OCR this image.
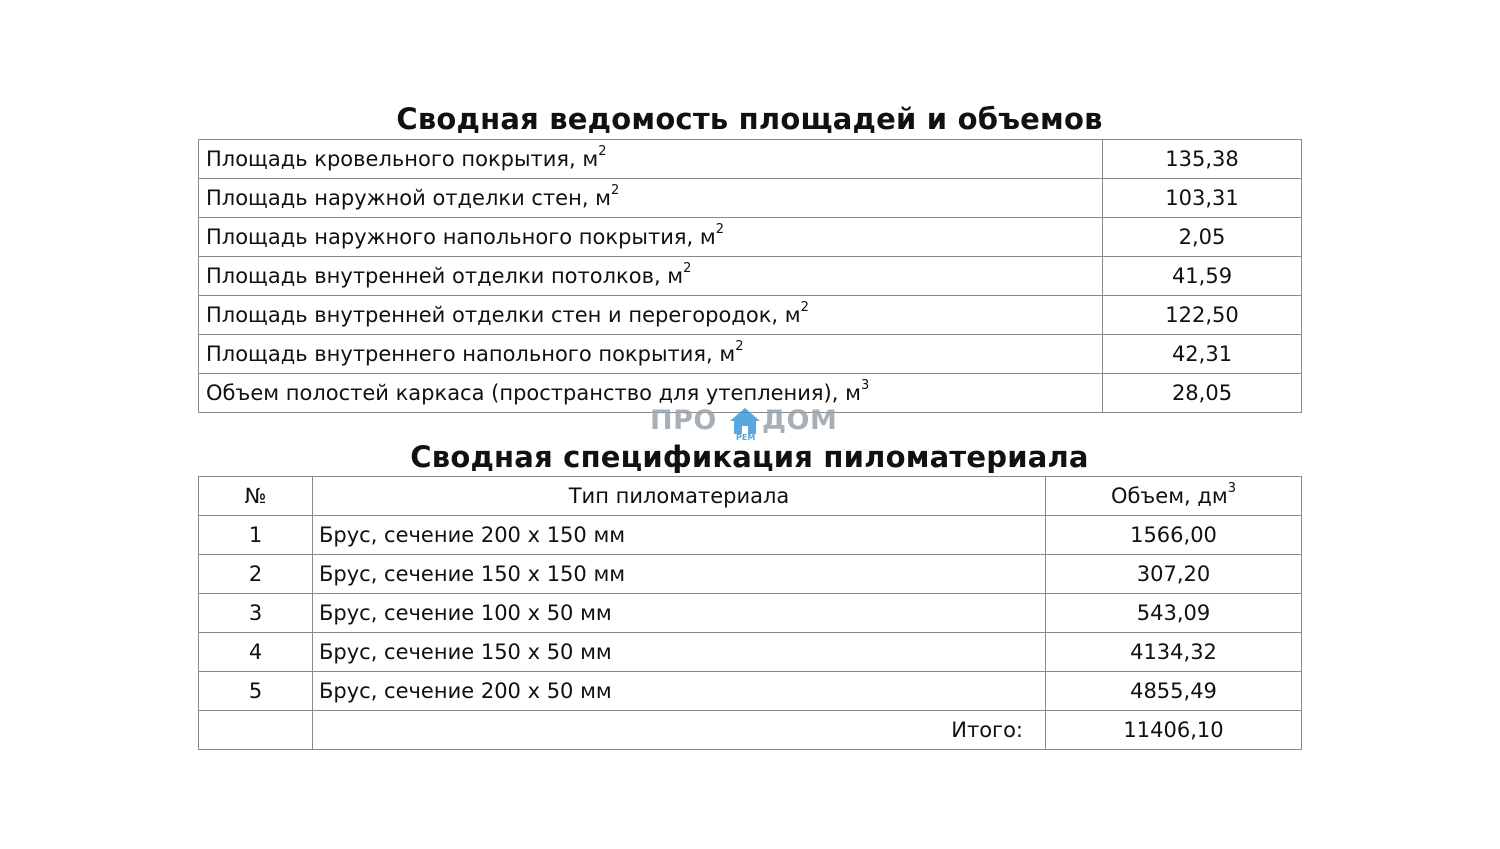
Сводная ведомость площадей и объемов
Площадь кровельного покрытия, $м^2$	135,38
Площадь наружной отделки стен, $м^2$	103,31
Площадь наружного напольного покрытия, $м^2$	2,05
Площадь внутренней отделки потолков, $м^2$	41,59
Площадь внутренней отделки стен и перегородок, $м^2$	122,50
Площадь внутреннего напольного покрытия, $м^2$	42,31
Объем полостей каркаса (пространство для утепления), $м^3$	28,05
Сводная спецификация пиломатериала
№	Тип пиломатериала	Объем, $дм^3$
1	Брус, сечение 200 х 150 мм	1566,00
2	Брус, сечение 150 х 150 мм	307,20
3	Брус, сечение 100 х 50 мм	543,09
4	Брус, сечение 150 х 50 мм	4134,32
5	Брус, сечение 200 х 50 мм	4855,49
	Итого:	11406,10
ПРО
РЕМ
ДОМ
